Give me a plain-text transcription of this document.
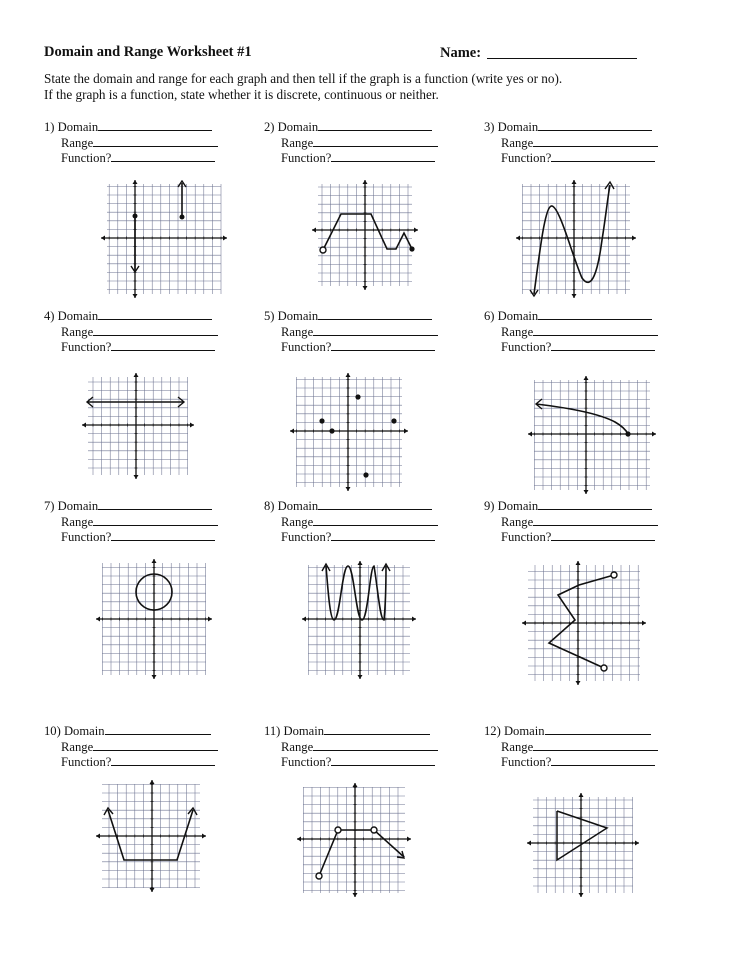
Domain and Range Worksheet #1	Name:
State the domain and range for each graph and then tell if the graph is a function (write yes or no).
If the graph is a function, state whether it is discrete, continuous or neither.
1) Domain
Range
Function?
2) Domain
Range
Function?
3) Domain
Range
Function?
4) Domain
Range
Function?
5) Domain
Range
Function?
6) Domain
Range
Function?
7) Domain
Range
Function?
8) Domain
Range
Function?
9) Domain
Range
Function?
10) Domain
Range
Function?
11) Domain
Range
Function?
12) Domain
Range
Function?
